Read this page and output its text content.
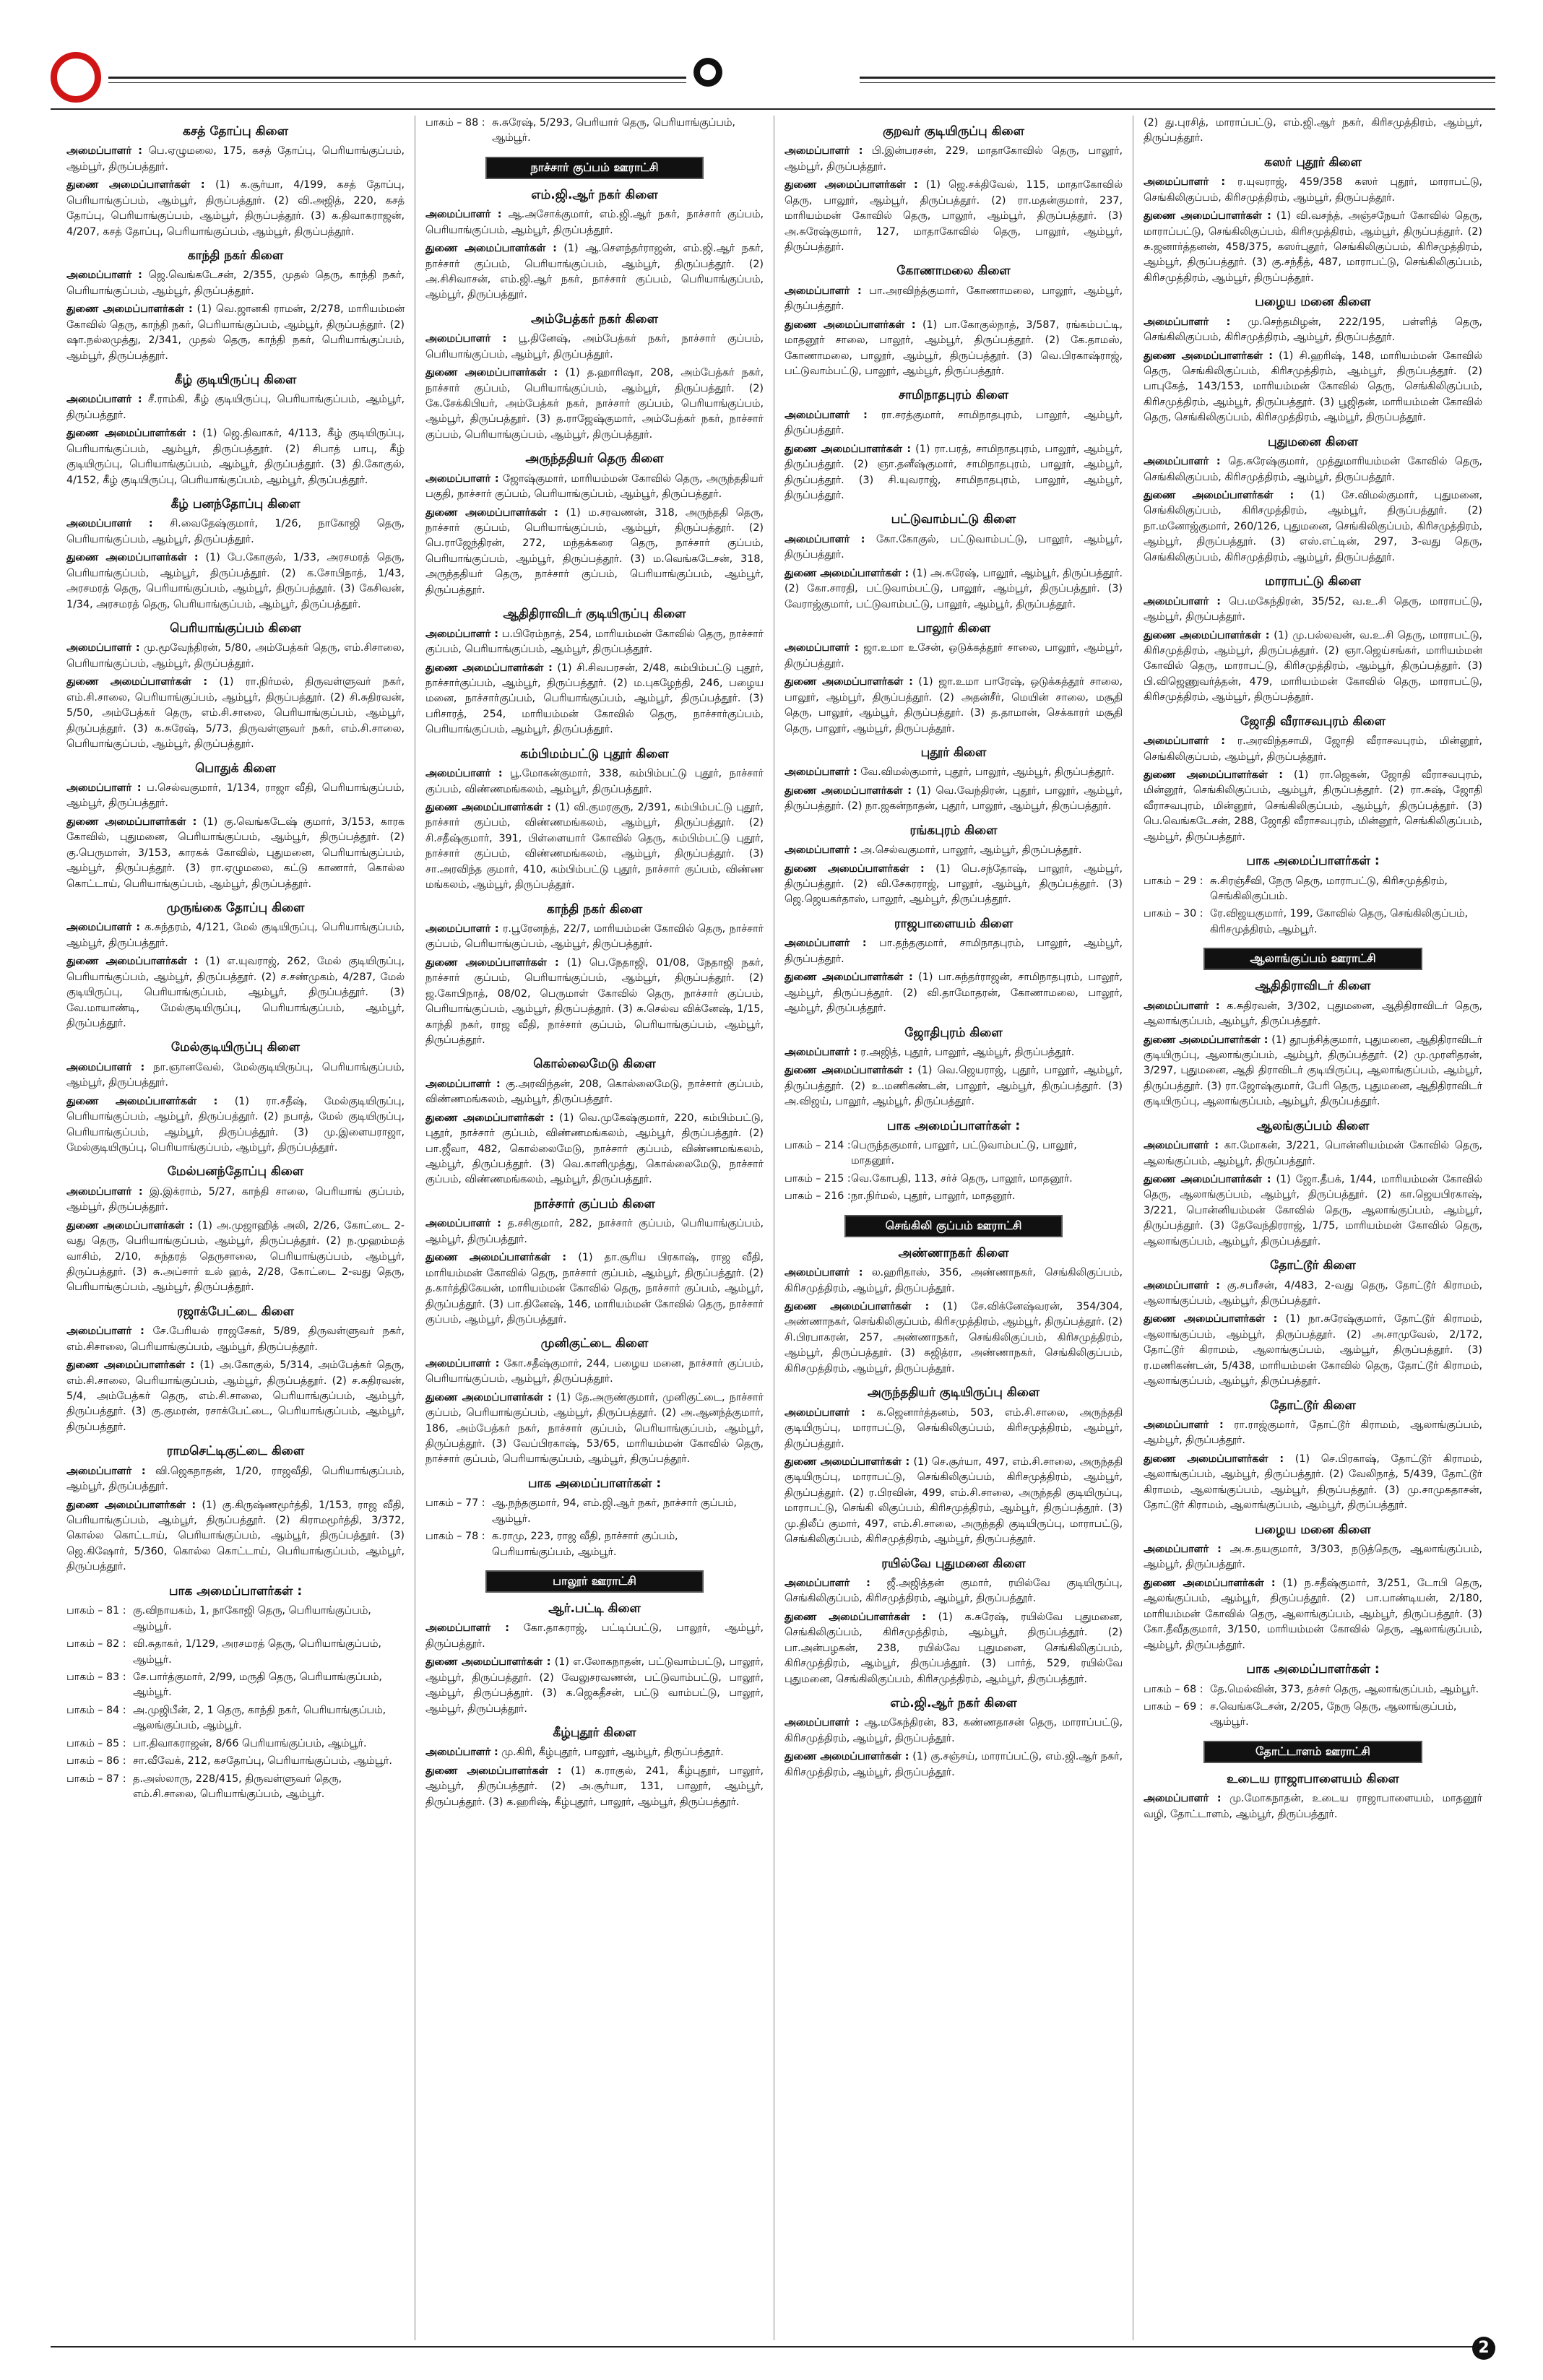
கசத் தோப்பு கிளை

அமைப்பாளர் : பெ.ஏழுமலை, 175, கசத் தோப்பு, பெரியாங்குப்பம், ஆம்பூர், திருப்பத்தூர்.

துணை அமைப்பாளர்கள் : (1) க.சூர்யா, 4/199, கசத் தோப்பு, பெரியாங்குப்பம், ஆம்பூர், திருப்பத்தூர். (2) வி.அஜித், 220, கசத் தோப்பு, பெரியாங்குப்பம், ஆம்பூர், திருப்பத்தூர். (3) க.திவாகராஜன், 4/207, கசத் தோப்பு, பெரியாங்குப்பம், ஆம்பூர், திருப்பத்தூர்.

காந்தி நகர் கிளை

அமைப்பாளர் : ஜெ.வெங்கடேசன், 2/355, முதல் தெரு, காந்தி நகர், பெரியாங்குப்பம், ஆம்பூர், திருப்பத்தூர்.

துணை அமைப்பாளர்கள் : (1) வெ.ஜானகி ராமன், 2/278, மாரியம்மன் கோவில் தெரு, காந்தி நகர், பெரியாங்குப்பம், ஆம்பூர், திருப்பத்தூர். (2) ஷா.நல்லமுத்து, 2/341, முதல் தெரு, காந்தி நகர், பெரியாங்குப்பம், ஆம்பூர், திருப்பத்தூர்.

கீழ் குடியிருப்பு கிளை

அமைப்பாளர் : சீ.ராம்கி, கீழ் குடியிருப்பு, பெரியாங்குப்பம், ஆம்பூர், திருப்பத்தூர்.

துணை அமைப்பாளர்கள் : (1) ஜெ.திவாகர், 4/113, கீழ் குடியிருப்பு, பெரியாங்குப்பம், ஆம்பூர், திருப்பத்தூர். (2) சிபாத் பாபு, கீழ் குடியிருப்பு, பெரியாங்குப்பம், ஆம்பூர், திருப்பத்தூர். (3) தி.கோகுல், 4/152, கீழ் குடியிருப்பு, பெரியாங்குப்பம், ஆம்பூர், திருப்பத்தூர்.

கீழ் பனந்தோப்பு கிளை

அமைப்பாளர் : சி.வைதேஷ்குமார், 1/26, நாகோஜி தெரு, பெரியாங்குப்பம், ஆம்பூர், திருப்பத்தூர்.

துணை அமைப்பாளர்கள் : (1) பே.கோகுல், 1/33, அரசமரத் தெரு, பெரியாங்குப்பம், ஆம்பூர், திருப்பத்தூர். (2) க.சோபிநாத், 1/43, அரசமரத் தெரு, பெரியாங்குப்பம், ஆம்பூர், திருப்பத்தூர். (3) கேசிவன், 1/34, அரசமரத் தெரு, பெரியாங்குப்பம், ஆம்பூர், திருப்பத்தூர்.

பெரியாங்குப்பம் கிளை

அமைப்பாளர் : மு.மூவேந்திரன், 5/80, அம்பேத்கர் தெரு, எம்.சிசாலை, பெரியாங்குப்பம், ஆம்பூர், திருப்பத்தூர்.

துணை அமைப்பாளர்கள் : (1) ரா.நிர்மல், திருவள்ளுவர் நகர், எம்.சி.சாலை, பெரியாங்குப்பம், ஆம்பூர், திருப்பத்தூர். (2) சி.சுதிரவன், 5/50, அம்பேத்கர் தெரு, எம்.சி.சாலை, பெரியாங்குப்பம், ஆம்பூர், திருப்பத்தூர். (3) க.சுரேஷ், 5/73, திருவள்ளுவர் நகர், எம்.சி.சாலை, பெரியாங்குப்பம், ஆம்பூர், திருப்பத்தூர்.

பொதுக் கிளை

அமைப்பாளர் : ப.செல்வகுமார், 1/134, ராஜா வீதி, பெரியாங்குப்பம், ஆம்பூர், திருப்பத்தூர்.

துணை அமைப்பாளர்கள் : (1) கு.வெங்கடேஷ் குமார், 3/153, காரக கோவில், புதுமனை, பெரியாங்குப்பம், ஆம்பூர், திருப்பத்தூர். (2) கு.பெருமாள், 3/153, காரகக் கோவில், புதுமனை, பெரியாங்குப்பம், ஆம்பூர், திருப்பத்தூர். (3) ரா.ஏழுமலை, கட்டு காணார், கொல்ல கொட்டாய், பெரியாங்குப்பம், ஆம்பூர், திருப்பத்தூர்.

முருங்கை தோப்பு கிளை

அமைப்பாளர் : க.சுந்தரம், 4/121, மேல் குடியிருப்பு, பெரியாங்குப்பம், ஆம்பூர், திருப்பத்தூர்.

துணை அமைப்பாளர்கள் : (1) எ.யுவராஜ், 262, மேல் குடியிருப்பு, பெரியாங்குப்பம், ஆம்பூர், திருப்பத்தூர். (2) ச.சண்முகம், 4/287, மேல் குடியிருப்பு, பெரியாங்குப்பம், ஆம்பூர், திருப்பத்தூர். (3) வே.மாயாண்டி, மேல்குடியிருப்பு, பெரியாங்குப்பம், ஆம்பூர், திருப்பத்தூர்.

மேல்குடியிருப்பு கிளை

அமைப்பாளர் : நா.ஞானவேல், மேல்குடியிருப்பு, பெரியாங்குப்பம், ஆம்பூர், திருப்பத்தூர்.

துணை அமைப்பாளர்கள் : (1) ரா.சதீஷ், மேல்குடியிருப்பு, பெரியாங்குப்பம், ஆம்பூர், திருப்பத்தூர். (2) நபாத், மேல் குடியிருப்பு, பெரியாங்குப்பம், ஆம்பூர், திருப்பத்தூர். (3) மு.இளையராஜா, மேல்குடியிருப்பு, பெரியாங்குப்பம், ஆம்பூர், திருப்பத்தூர்.

மேல்பனந்தோப்பு கிளை

அமைப்பாளர் : இ.இக்ராம், 5/27, காந்தி சாலை, பெரியாங் குப்பம், ஆம்பூர், திருப்பத்தூர்.

துணை அமைப்பாளர்கள் : (1) அ.முஜாஹித் அலி, 2/26, கோட்டை 2-வது தெரு, பெரியாங்குப்பம், ஆம்பூர், திருப்பத்தூர். (2) ந.முஹம்மத் வாசிம், 2/10, சுந்தரத் தெருசாலை, பெரியாங்குப்பம், ஆம்பூர், திருப்பத்தூர். (3) சு.அப்சார் உல் ஹக், 2/28, கோட்டை 2-வது தெரு, பெரியாங்குப்பம், ஆம்பூர், திருப்பத்தூர்.

ரஜாக்பேட்டை கிளை

அமைப்பாளர் : சே.பேரியல் ராஜசேகர், 5/89, திருவள்ளுவர் நகர், எம்.சிசாலை, பெரியாங்குப்பம், ஆம்பூர், திருப்பத்தூர்.

துணை அமைப்பாளர்கள் : (1) அ.கோகுல், 5/314, அம்பேத்கர் தெரு, எம்.சி.சாலை, பெரியாங்குப்பம், ஆம்பூர், திருப்பத்தூர். (2) ச.சுதிரவன், 5/4, அம்பேத்கர் தெரு, எம்.சி.சாலை, பெரியாங்குப்பம், ஆம்பூர், திருப்பத்தூர். (3) கு.குமரன், ரசாக்பேட்டை, பெரியாங்குப்பம், ஆம்பூர், திருப்பத்தூர்.

ராமசெட்டிகுட்டை கிளை

அமைப்பாளர் : வி.ஜெகநாதன், 1/20, ராஜவீதி, பெரியாங்குப்பம், ஆம்பூர், திருப்பத்தூர்.

துணை அமைப்பாளர்கள் : (1) கு.கிருஷ்ணமூர்த்தி, 1/153, ராஜ வீதி, பெரியாங்குப்பம், ஆம்பூர், திருப்பத்தூர். (2) கிராமமூர்த்தி, 3/372, கொல்ல கொட்டாய், பெரியாங்குப்பம், ஆம்பூர், திருப்பத்தூர். (3) ஜெ.கிஷோர், 5/360, கொல்ல கொட்டாய், பெரியாங்குப்பம், ஆம்பூர், திருப்பத்தூர்.

பாக அமைப்பாளர்கள் :
பாகம் – 81 : கு.விநாயகம், 1, நாகோஜி தெரு, பெரியாங்குப்பம், ஆம்பூர்.
பாகம் – 82 : வி.சுதாகர், 1/129, அரசமரத் தெரு, பெரியாங்குப்பம், ஆம்பூர்.
பாகம் – 83 : சே.பார்த்குமார், 2/99, மருதி தெரு, பெரியாங்குப்பம், ஆம்பூர்.
பாகம் – 84 : அ.முஜிபீன், 2, 1 தெரு, காந்தி நகர், பெரியாங்குப்பம், ஆலங்குப்பம், ஆம்பூர்.
பாகம் – 85 : பா.திவாகராஜன், 8/66 பெரியாங்குப்பம், ஆம்பூர்.
பாகம் – 86 : சா.வீவேக், 212, கசதோப்பு, பெரியாங்குப்பம், ஆம்பூர்.
பாகம் – 87 : த.அஸ்லாரு, 228/415, திருவள்ளுவர் தெரு, எம்.சி.சாலை, பெரியாங்குப்பம், ஆம்பூர்.
பாகம் – 88 : சு.சுரேஷ், 5/293, பெரியார் தெரு, பெரியாங்குப்பம், ஆம்பூர்.
நாச்சார் குப்பம் ஊராட்சி
எம்.ஜி.ஆர் நகர் கிளை

அமைப்பாளர் : ஆ.அசோக்குமார், எம்.ஜி.ஆர் நகர், நாச்சார் குப்பம், பெரியாங்குப்பம், ஆம்பூர், திருப்பத்தூர்.

துணை அமைப்பாளர்கள் : (1) ஆ.சௌந்தர்ராஜன், எம்.ஜி.ஆர் நகர், நாச்சார் குப்பம், பெரியாங்குப்பம், ஆம்பூர், திருப்பத்தூர். (2) அ.சிசிவாசன், எம்.ஜி.ஆர் நகர், நாச்சார் குப்பம், பெரியாங்குப்பம், ஆம்பூர், திருப்பத்தூர்.

அம்பேத்கர் நகர் கிளை

அமைப்பாளர் : பூ.தினேஷ், அம்பேத்கர் நகர், நாச்சார் குப்பம், பெரியாங்குப்பம், ஆம்பூர், திருப்பத்தூர்.

துணை அமைப்பாளர்கள் : (1) த.ஹாரிஷா, 208, அம்பேத்கர் நகர், நாச்சார் குப்பம், பெரியாங்குப்பம், ஆம்பூர், திருப்பத்தூர். (2) கே.சேக்கிபியர், அம்பேத்கர் நகர், நாச்சார் குப்பம், பெரியாங்குப்பம், ஆம்பூர், திருப்பத்தூர். (3) த.ராஜேஷ்குமார், அம்பேத்கர் நகர், நாச்சார் குப்பம், பெரியாங்குப்பம், ஆம்பூர், திருப்பத்தூர்.

அருந்ததியர் தெரு கிளை

அமைப்பாளர் : ஜோஷ்குமார், மாரியம்மன் கோவில் தெரு, அருந்ததியர் பகுதி, நாச்சார் குப்பம், பெரியாங்குப்பம், ஆம்பூர், திருப்பத்தூர்.

துணை அமைப்பாளர்கள் : (1) ம.சரவணன், 318, அருந்ததி தெரு, நாச்சார் குப்பம், பெரியாங்குப்பம், ஆம்பூர், திருப்பத்தூர். (2) பெ.ராஜேந்திரன், 272, மந்தக்கரை தெரு, நாச்சார் குப்பம், பெரியாங்குப்பம், ஆம்பூர், திருப்பத்தூர். (3) ம.வெங்கடேசன், 318, அருந்ததியர் தெரு, நாச்சார் குப்பம், பெரியாங்குப்பம், ஆம்பூர், திருப்பத்தூர்.

ஆதிதிராவிடர் குடியிருப்பு கிளை

அமைப்பாளர் : ப.பிரேம்நாத், 254, மாரியம்மன் கோவில் தெரு, நாச்சார் குப்பம், பெரியாங்குப்பம், ஆம்பூர், திருப்பத்தூர்.

துணை அமைப்பாளர்கள் : (1) சி.சிவபரசன், 2/48, கம்பிம்பட்டு புதூர், நாச்சார்குப்பம், ஆம்பூர், திருப்பத்தூர். (2) ம.புகழேந்தி, 246, பழைய மனை, நாச்சார்குப்பம், பெரியாங்குப்பம், ஆம்பூர், திருப்பத்தூர். (3) பரிசாரத், 254, மாரியம்மன் கோவில் தெரு, நாச்சார்குப்பம், பெரியாங்குப்பம், ஆம்பூர், திருப்பத்தூர்.

கம்பிமம்பட்டு புதூர் கிளை

அமைப்பாளர் : பூ.மோகன்குமார், 338, கம்பிம்பட்டு புதூர், நாச்சார் குப்பம், விண்ணமங்கலம், ஆம்பூர், திருப்பத்தூர்.

துணை அமைப்பாளர்கள் : (1) வி.குமரகுரு, 2/391, கம்பிம்பட்டு புதூர், நாச்சார் குப்பம், விண்ணமங்கலம், ஆம்பூர், திருப்பத்தூர். (2) சி.சதீஷ்குமார், 391, பிள்ளையார் கோவில் தெரு, கம்பிம்பட்டு புதூர், நாச்சார் குப்பம், விண்ணமங்கலம், ஆம்பூர், திருப்பத்தூர். (3) சா.அரவிந்த குமார், 410, கம்பிம்பட்டு புதூர், நாச்சார் குப்பம், விண்ண மங்கலம், ஆம்பூர், திருப்பத்தூர்.

காந்தி நகர் கிளை

அமைப்பாளர் : ர.பூரேனந்த், 22/7, மாரியம்மன் கோவில் தெரு, நாச்சார் குப்பம், பெரியாங்குப்பம், ஆம்பூர், திருப்பத்தூர்.

துணை அமைப்பாளர்கள் : (1) பெ.நேதாஜி, 01/08, நேதாஜி நகர், நாச்சார் குப்பம், பெரியாங்குப்பம், ஆம்பூர், திருப்பத்தூர். (2) ஜ.கோபிநாத், 08/02, பெருமாள் கோவில் தெரு, நாச்சார் குப்பம், பெரியாங்குப்பம், ஆம்பூர், திருப்பத்தூர். (3) சு.செல்வ விக்னேஷ், 1/15, காந்தி நகர், ராஜ வீதி, நாச்சார் குப்பம், பெரியாங்குப்பம், ஆம்பூர், திருப்பத்தூர்.

கொல்லைமேடு கிளை

அமைப்பாளர் : கு.அரவிந்தன், 208, கொல்லைமேடு, நாச்சார் குப்பம், விண்ணமங்கலம், ஆம்பூர், திருப்பத்தூர்.

துணை அமைப்பாளர்கள் : (1) வெ.முகேஷ்குமார், 220, கம்பிம்பட்டு, புதூர், நாச்சார் குப்பம், விண்ணமங்கலம், ஆம்பூர், திருப்பத்தூர். (2) பா.ஜீவா, 482, கொல்லைமேடு, நாச்சார் குப்பம், விண்ணமங்கலம், ஆம்பூர், திருப்பத்தூர். (3) வெ.காளிமுத்து, கொல்லைமேடு, நாச்சார் குப்பம், விண்ணமங்கலம், ஆம்பூர், திருப்பத்தூர்.

நாச்சார் குப்பம் கிளை

அமைப்பாளர் : த.சசிகுமார், 282, நாச்சார் குப்பம், பெரியாங்குப்பம், ஆம்பூர், திருப்பத்தூர்.

துணை அமைப்பாளர்கள் : (1) தா.சூரிய பிரகாஷ், ராஜ வீதி, மாரியம்மன் கோவில் தெரு, நாச்சார் குப்பம், ஆம்பூர், திருப்பத்தூர். (2) த.கார்த்திகேயன், மாரியம்மன் கோவில் தெரு, நாச்சார் குப்பம், ஆம்பூர், திருப்பத்தூர். (3) பா.தினேஷ், 146, மாரியம்மன் கோவில் தெரு, நாச்சார் குப்பம், ஆம்பூர், திருப்பத்தூர்.

முனிகுட்டை கிளை

அமைப்பாளர் : கோ.சதீஷ்குமார், 244, பழைய மனை, நாச்சார் குப்பம், பெரியாங்குப்பம், ஆம்பூர், திருப்பத்தூர்.

துணை அமைப்பாளர்கள் : (1) தே.அருண்குமார், முனிகுட்டை, நாச்சார் குப்பம், பெரியாங்குப்பம், ஆம்பூர், திருப்பத்தூர். (2) அ.ஆனந்த்குமார், 186, அம்பேத்கர் நகர், நாச்சார் குப்பம், பெரியாங்குப்பம், ஆம்பூர், திருப்பத்தூர். (3) வேப்பிரகாஷ், 53/65, மாரியம்மன் கோவில் தெரு, நாச்சார் குப்பம், பெரியாங்குப்பம், ஆம்பூர், திருப்பத்தூர்.

பாக அமைப்பாளர்கள் :
பாகம் – 77 : ஆ.நந்தகுமார், 94, எம்.ஜி.ஆர் நகர், நாச்சார் குப்பம், ஆம்பூர்.
பாகம் – 78 : க.ராமு, 223, ராஜ வீதி, நாச்சார் குப்பம், பெரியாங்குப்பம், ஆம்பூர்.
பாலூர் ஊராட்சி
ஆர்.பட்டி கிளை

அமைப்பாளர் : கோ.தாகராஜ், பட்டிப்பட்டு, பாலூர், ஆம்பூர், திருப்பத்தூர்.

துணை அமைப்பாளர்கள் : (1) எ.லோகநாதன், பட்டுவாம்பட்டு, பாலூர், ஆம்பூர், திருப்பத்தூர். (2) வேலுசரவணன், பட்டுவாம்பட்டு, பாலூர், ஆம்பூர், திருப்பத்தூர். (3) க.ஜெகதீசன், பட்டு வாம்பட்டு, பாலூர், ஆம்பூர், திருப்பத்தூர்.

கீழ்புதூர் கிளை

அமைப்பாளர் : மு.கிரி, கீழ்புதூர், பாலூர், ஆம்பூர், திருப்பத்தூர்.

துணை அமைப்பாளர்கள் : (1) க.ராகுல், 241, கீழ்புதூர், பாலூர், ஆம்பூர், திருப்பத்தூர். (2) அ.சூர்யா, 131, பாலூர், ஆம்பூர், திருப்பத்தூர். (3) க.ஹரிஷ், கீழ்புதூர், பாலூர், ஆம்பூர், திருப்பத்தூர்.

குறவர் குடியிருப்பு கிளை

அமைப்பாளர் : பி.இன்பரசன், 229, மாதாகோவில் தெரு, பாலூர், ஆம்பூர், திருப்பத்தூர்.

துணை அமைப்பாளர்கள் : (1) ஜெ.சக்திவேல், 115, மாதாகோவில் தெரு, பாலூர், ஆம்பூர், திருப்பத்தூர். (2) ரா.மதன்குமார், 237, மாரியம்மன் கோவில் தெரு, பாலூர், ஆம்பூர், திருப்பத்தூர். (3) அ.சுரேஷ்குமார், 127, மாதாகோவில் தெரு, பாலூர், ஆம்பூர், திருப்பத்தூர்.

கோணாமலை கிளை

அமைப்பாளர் : பா.அரவிந்த்குமார், கோணாமலை, பாலூர், ஆம்பூர், திருப்பத்தூர்.

துணை அமைப்பாளர்கள் : (1) பா.கோகுல்நாத், 3/587, ரங்கம்பட்டி, மாதனூர் சாலை, பாலூர், ஆம்பூர், திருப்பத்தூர். (2) கே.தாமஸ், கோணாமலை, பாலூர், ஆம்பூர், திருப்பத்தூர். (3) வெ.பிரகாஷ்ராஜ், பட்டுவாம்பட்டு, பாலூர், ஆம்பூர், திருப்பத்தூர்.

சாமிநாதபுரம் கிளை

அமைப்பாளர் : ரா.சரத்குமார், சாமிநாதபுரம், பாலூர், ஆம்பூர், திருப்பத்தூர்.

துணை அமைப்பாளர்கள் : (1) ரா.பரத், சாமிநாதபுரம், பாலூர், ஆம்பூர், திருப்பத்தூர். (2) ஞா.தனீஷ்குமார், சாமிநாதபுரம், பாலூர், ஆம்பூர், திருப்பத்தூர். (3) சி.யுவராஜ், சாமிநாதபுரம், பாலூர், ஆம்பூர், திருப்பத்தூர்.

பட்டுவாம்பட்டு கிளை

அமைப்பாளர் : கோ.கோகுல், பட்டுவாம்பட்டு, பாலூர், ஆம்பூர், திருப்பத்தூர்.

துணை அமைப்பாளர்கள் : (1) அ.சுரேஷ், பாலூர், ஆம்பூர், திருப்பத்தூர். (2) கோ.சாரதி, பட்டுவாம்பட்டு, பாலூர், ஆம்பூர், திருப்பத்தூர். (3) வேராஜ்குமார், பட்டுவாம்பட்டு, பாலூர், ஆம்பூர், திருப்பத்தூர்.

பாலூர் கிளை

அமைப்பாளர் : ஜா.உமா உசேன், ஒடுக்கத்தூர் சாலை, பாலூர், ஆம்பூர், திருப்பத்தூர்.

துணை அமைப்பாளர்கள் : (1) ஜா.உமா பாரேஷ், ஒடுக்கத்தூர் சாலை, பாலூர், ஆம்பூர், திருப்பத்தூர். (2) அதன்சீர், மெயின் சாலை, மசூதி தெரு, பாலூர், ஆம்பூர், திருப்பத்தூர். (3) த.தாமான், செக்காரர் மசூதி தெரு, பாலூர், ஆம்பூர், திருப்பத்தூர்.

புதூர் கிளை

அமைப்பாளர் : வே.விமல்குமார், புதூர், பாலூர், ஆம்பூர், திருப்பத்தூர்.

துணை அமைப்பாளர்கள் : (1) வெ.வேந்திரன், புதூர், பாலூர், ஆம்பூர், திருப்பத்தூர். (2) நா.ஜகன்நாதன், புதூர், பாலூர், ஆம்பூர், திருப்பத்தூர்.

ரங்கபுரம் கிளை

அமைப்பாளர் : அ.செல்வகுமார், பாலூர், ஆம்பூர், திருப்பத்தூர்.

துணை அமைப்பாளர்கள் : (1) பெ.சந்தோஷ், பாலூர், ஆம்பூர், திருப்பத்தூர். (2) வி.சேகரராஜ், பாலூர், ஆம்பூர், திருப்பத்தூர். (3) ஜெ.ஜெயகர்தாஸ், பாலூர், ஆம்பூர், திருப்பத்தூர்.

ராஜபாளையம் கிளை

அமைப்பாளர் : பா.தந்தகுமார், சாமிநாதபுரம், பாலூர், ஆம்பூர், திருப்பத்தூர்.

துணை அமைப்பாளர்கள் : (1) பா.சுந்தர்ராஜன், சாமிநாதபுரம், பாலூர், ஆம்பூர், திருப்பத்தூர். (2) வி.தாமோதரன், கோணாமலை, பாலூர், ஆம்பூர், திருப்பத்தூர்.

ஜோதிபுரம் கிளை

அமைப்பாளர் : ர.அஜித், புதூர், பாலூர், ஆம்பூர், திருப்பத்தூர்.

துணை அமைப்பாளர்கள் : (1) வெ.ஜெயராஜ், புதூர், பாலூர், ஆம்பூர், திருப்பத்தூர். (2) உ.மணிகண்டன், பாலூர், ஆம்பூர், திருப்பத்தூர். (3) அ.விஜய், பாலூர், ஆம்பூர், திருப்பத்தூர்.

பாக அமைப்பாளர்கள் :
பாகம் – 214 : பெருந்தகுமார், பாலூர், பட்டுவாம்பட்டு, பாலூர், மாதனூர்.
பாகம் – 215 : வெ.கோபதி, 113, சர்ச் தெரு, பாலூர், மாதனூர்.
பாகம் – 216 : நா.நிர்மல், புதூர், பாலூர், மாதனூர்.
செங்கிலி குப்பம் ஊராட்சி
அண்ணாநகர் கிளை

அமைப்பாளர் : ல.ஹரிதாஸ், 356, அண்ணாநகர், செங்கிலிகுப்பம், கிரிசமுத்திரம், ஆம்பூர், திருப்பத்தூர்.

துணை அமைப்பாளர்கள் : (1) சே.விக்னேஷ்வரன், 354/304, அண்ணாநகர், செங்கிலிகுப்பம், கிரிசமுத்திரம், ஆம்பூர், திருப்பத்தூர். (2) சி.பிரபாகரன், 257, அண்ணாநகர், செங்கிலிகுப்பம், கிரிசமுத்திரம், ஆம்பூர், திருப்பத்தூர். (3) சுஜித்ரா, அண்ணாநகர், செங்கிலிகுப்பம், கிரிசமுத்திரம், ஆம்பூர், திருப்பத்தூர்.

அருந்ததியர் குடியிருப்பு கிளை

அமைப்பாளர் : க.ஜெனார்த்தனம், 503, எம்.சி.சாலை, அருந்ததி குடியிருப்பு, மாராபட்டு, செங்கிலிகுப்பம், கிரிசமுத்திரம், ஆம்பூர், திருப்பத்தூர்.

துணை அமைப்பாளர்கள் : (1) செ.சூர்யா, 497, எம்.சி.சாலை, அருந்ததி குடியிருப்பு, மாராபட்டு, செங்கிலிகுப்பம், கிரிசமுத்திரம், ஆம்பூர், திருப்பத்தூர். (2) ர.பிரவின், 499, எம்.சி.சாலை, அருந்ததி குடியிருப்பு, மாராபட்டு, செங்கி லிகுப்பம், கிரிசமுத்திரம், ஆம்பூர், திருப்பத்தூர். (3) மு.திலீப் குமார், 497, எம்.சி.சாலை, அருந்ததி குடியிருப்பு, மாராபட்டு, செங்கிலிகுப்பம், கிரிசமுத்திரம், ஆம்பூர், திருப்பத்தூர்.

ரயில்வே புதுமனை கிளை

அமைப்பாளர் : ஜீ.அஜித்தன் குமார், ரயில்வே குடியிருப்பு, செங்கிலிகுப்பம், கிரிசமுத்திரம், ஆம்பூர், திருப்பத்தூர்.

துணை அமைப்பாளர்கள் : (1) க.சுரேஷ், ரயில்வே புதுமனை, செங்கிலிகுப்பம், கிரிசமுத்திரம், ஆம்பூர், திருப்பத்தூர். (2) பா.அன்பழகன், 238, ரயில்வே புதுமனை, செங்கிலிகுப்பம், கிரிசமுத்திரம், ஆம்பூர், திருப்பத்தூர். (3) பார்த், 529, ரயில்வே புதுமனை, செங்கிலிகுப்பம், கிரிசமுத்திரம், ஆம்பூர், திருப்பத்தூர்.

எம்.ஜி.ஆர் நகர் கிளை

அமைப்பாளர் : ஆ.மகேந்திரன், 83, கண்ணதாசன் தெரு, மாராப்பட்டு, கிரிசமுத்திரம், ஆம்பூர், திருப்பத்தூர்.

துணை அமைப்பாளர்கள் : (1) கு.சஞ்சய், மாராப்பட்டு, எம்.ஜி.ஆர் நகர், கிரிசமுத்திரம், ஆம்பூர், திருப்பத்தூர்.

(2) து.புரசித், மாராப்பட்டு, எம்.ஜி.ஆர் நகர், கிரிசமுத்திரம், ஆம்பூர், திருப்பத்தூர்.

கஸர் புதூர் கிளை

அமைப்பாளர் : ர.யுவராஜ், 459/358 கஸர் புதூர், மாராபட்டு, செங்கிலிகுப்பம், கிரிசமுத்திரம், ஆம்பூர், திருப்பத்தூர்.

துணை அமைப்பாளர்கள் : (1) வி.வசந்த், அஞ்சநேயர் கோவில் தெரு, மாராப்பட்டு, செங்கிலிகுப்பம், கிரிசமுத்திரம், ஆம்பூர், திருப்பத்தூர். (2) சு.ஜனார்த்தனன், 458/375, கஸர்புதூர், செங்கிலிகுப்பம், கிரிசமுத்திரம், ஆம்பூர், திருப்பத்தூர். (3) கு.சந்தீத், 487, மாராபட்டு, செங்கிலிகுப்பம், கிரிசமுத்திரம், ஆம்பூர், திருப்பத்தூர்.

பழைய மனை கிளை

அமைப்பாளர் : மு.செந்தமிழன், 222/195, பள்ளித் தெரு, செங்கிலிகுப்பம், கிரிசமுத்திரம், ஆம்பூர், திருப்பத்தூர்.

துணை அமைப்பாளர்கள் : (1) சி.ஹரிஷ், 148, மாரியம்மன் கோவில் தெரு, செங்கிலிகுப்பம், கிரிசமுத்திரம், ஆம்பூர், திருப்பத்தூர். (2) பாபுகேத், 143/153, மாரியம்மன் கோவில் தெரு, செங்கிலிகுப்பம், கிரிசமுத்திரம், ஆம்பூர், திருப்பத்தூர். (3) பூஜிதன், மாரியம்மன் கோவில் தெரு, செங்கிலிகுப்பம், கிரிசமுத்திரம், ஆம்பூர், திருப்பத்தூர்.

புதுமனை கிளை

அமைப்பாளர் : தெ.சுரேஷ்குமார், முத்துமாரியம்மன் கோவில் தெரு, செங்கிலிகுப்பம், கிரிசமுத்திரம், ஆம்பூர், திருப்பத்தூர்.

துணை அமைப்பாளர்கள் : (1) சே.விமல்குமார், புதுமனை, செங்கிலிகுப்பம், கிரிசமுத்திரம், ஆம்பூர், திருப்பத்தூர். (2) நா.மனோஜ்குமார், 260/126, புதுமனை, செங்கிலிகுப்பம், கிரிசமுத்திரம், ஆம்பூர், திருப்பத்தூர். (3) எஸ்.எட்டின், 297, 3-வது தெரு, செங்கிலிகுப்பம், கிரிசமுத்திரம், ஆம்பூர், திருப்பத்தூர்.

மாராபட்டு கிளை

அமைப்பாளர் : பெ.மகேந்திரன், 35/52, வ.உ.சி தெரு, மாராபட்டு, ஆம்பூர், திருப்பத்தூர்.

துணை அமைப்பாளர்கள் : (1) மு.பல்லவன், வ.உ.சி தெரு, மாராபட்டு, கிரிசமுத்திரம், ஆம்பூர், திருப்பத்தூர். (2) ஞா.ஜெய்சங்கர், மாரியம்மன் கோவில் தெரு, மாராபட்டு, கிரிசமுத்திரம், ஆம்பூர், திருப்பத்தூர். (3) பி.விஜெணுவர்த்தன், 479, மாரியம்மன் கோவில் தெரு, மாராபட்டு, கிரிசமுத்திரம், ஆம்பூர், திருப்பத்தூர்.

ஜோதி வீராசவபுரம் கிளை

அமைப்பாளர் : ர.அரவிந்தசாமி, ஜோதி வீராசவபுரம், மின்னூர், செங்கிலிகுப்பம், ஆம்பூர், திருப்பத்தூர்.

துணை அமைப்பாளர்கள் : (1) ரா.ஜெகன், ஜோதி வீராசவபுரம், மின்னூர், செங்கிலிகுப்பம், ஆம்பூர், திருப்பத்தூர். (2) ரா.சுஷ், ஜோதி வீராசவபுரம், மின்னூர், செங்கிலிகுப்பம், ஆம்பூர், திருப்பத்தூர். (3) பெ.வெங்கடேசன், 288, ஜோதி வீராசவபுரம், மின்னூர், செங்கிலிகுப்பம், ஆம்பூர், திருப்பத்தூர்.

பாக அமைப்பாளர்கள் :
பாகம் – 29 : சு.சிரஞ்சீவி, நேரு தெரு, மாராபட்டு, கிரிசமுத்திரம், செங்கிலிகுப்பம்.
பாகம் – 30 : ரே.விஜயகுமார், 199, கோவில் தெரு, செங்கிலிகுப்பம், கிரிசமுத்திரம், ஆம்பூர்.
ஆலாங்குப்பம் ஊராட்சி
ஆதிதிராவிடர் கிளை

அமைப்பாளர் : க.சுதிரவன், 3/302, புதுமனை, ஆதிதிராவிடர் தெரு, ஆலாங்குப்பம், ஆம்பூர், திருப்பத்தூர்.

துணை அமைப்பாளர்கள் : (1) தூபந்சித்குமார், புதுமனை, ஆதிதிராவிடர் குடியிருப்பு, ஆலாங்குப்பம், ஆம்பூர், திருப்பத்தூர். (2) மு.முரளிதரன், 3/297, புதுமனை, ஆதி திராவிடர் குடியிருப்பு, ஆலாங்குப்பம், ஆம்பூர், திருப்பத்தூர். (3) ரா.ஜோஷ்குமார், பேரி தெரு, புதுமனை, ஆதிதிராவிடர் குடியிருப்பு, ஆலாங்குப்பம், ஆம்பூர், திருப்பத்தூர்.

ஆலங்குப்பம் கிளை

அமைப்பாளர் : கா.மோகன், 3/221, பொன்னியம்மன் கோவில் தெரு, ஆலங்குப்பம், ஆம்பூர், திருப்பத்தூர்.

துணை அமைப்பாளர்கள் : (1) ஜோ.தீபக், 1/44, மாரியம்மன் கோவில் தெரு, ஆலாங்குப்பம், ஆம்பூர், திருப்பத்தூர். (2) கா.ஜெயபிரகாஷ், 3/221, பொன்னியம்மன் கோவில் தெரு, ஆலாங்குப்பம், ஆம்பூர், திருப்பத்தூர். (3) தேவேந்திரராஜ், 1/75, மாரியம்மன் கோவில் தெரு, ஆலாங்குப்பம், ஆம்பூர், திருப்பத்தூர்.

தோட்டூர் கிளை

அமைப்பாளர் : கு.சபரீசன், 4/483, 2-வது தெரு, தோட்டூர் கிராமம், ஆலாங்குப்பம், ஆம்பூர், திருப்பத்தூர்.

துணை அமைப்பாளர்கள் : (1) நா.சுரேஷ்குமார், தோட்டூர் கிராமம், ஆலாங்குப்பம், ஆம்பூர், திருப்பத்தூர். (2) அ.சாமுவேல், 2/172, தோட்டூர் கிராமம், ஆலாங்குப்பம், ஆம்பூர், திருப்பத்தூர். (3) ர.மணிகண்டன், 5/438, மாரியம்மன் கோவில் தெரு, தோட்டூர் கிராமம், ஆலாங்குப்பம், ஆம்பூர், திருப்பத்தூர்.

தோட்டூர் கிளை

அமைப்பாளர் : ரா.ராஜ்குமார், தோட்டூர் கிராமம், ஆலாங்குப்பம், ஆம்பூர், திருப்பத்தூர்.

துணை அமைப்பாளர்கள் : (1) செ.பிரகாஷ், தோட்டூர் கிராமம், ஆலாங்குப்பம், ஆம்பூர், திருப்பத்தூர். (2) வேலிநாத், 5/439, தோட்டூர் கிராமம், ஆலாங்குப்பம், ஆம்பூர், திருப்பத்தூர். (3) மு.சாமுகதாசன், தோட்டூர் கிராமம், ஆலாங்குப்பம், ஆம்பூர், திருப்பத்தூர்.

பழைய மனை கிளை

அமைப்பாளர் : அ.சு.தயகுமார், 3/303, நடுத்தெரு, ஆலாங்குப்பம், ஆம்பூர், திருப்பத்தூர்.

துணை அமைப்பாளர்கள் : (1) ந.சதீஷ்குமார், 3/251, டோபி தெரு, ஆலங்குப்பம், ஆம்பூர், திருப்பத்தூர். (2) பா.பாண்டியன், 2/180, மாரியம்மன் கோவில் தெரு, ஆலாங்குப்பம், ஆம்பூர், திருப்பத்தூர். (3) கோ.தீவீதகுமார், 3/150, மாரியம்மன் கோவில் தெரு, ஆலாங்குப்பம், ஆம்பூர், திருப்பத்தூர்.

பாக அமைப்பாளர்கள் :
பாகம் – 68 : தே.மெல்வின், 373, தச்சர் தெரு, ஆலாங்குப்பம், ஆம்பூர்.
பாகம் – 69 : ச.வெங்கடேசன், 2/205, நேரு தெரு, ஆலாங்குப்பம், ஆம்பூர்.
தோட்டாளம் ஊராட்சி
உடைய ராஜாபாளையம் கிளை

அமைப்பாளர் : மு.மோகநாதன், உடைய ராஜாபாளையம், மாதனூர் வழி, தோட்டாளம், ஆம்பூர், திருப்பத்தூர்.

2
